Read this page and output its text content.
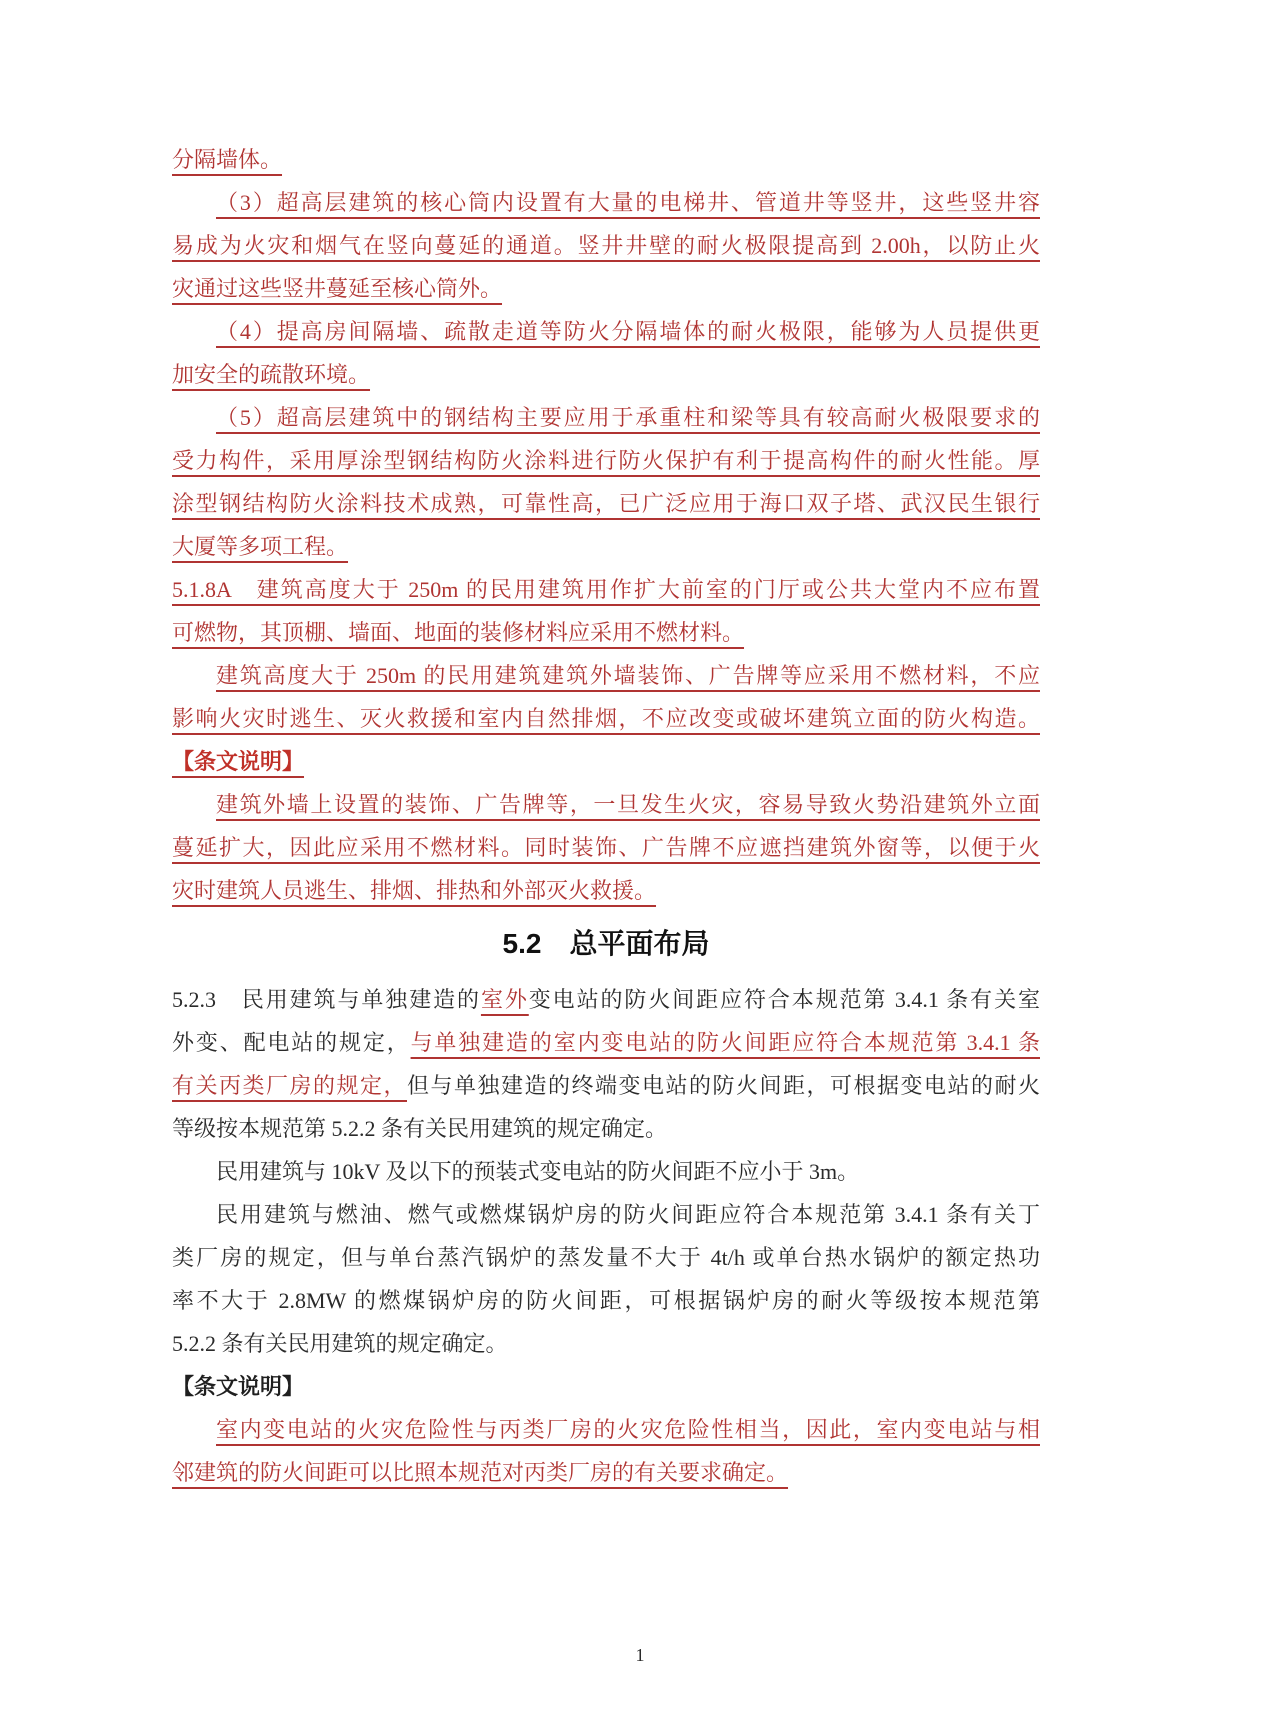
分隔墙体。
（3）超高层建筑的核心筒内设置有大量的电梯井、管道井等竖井，这些竖井容
易成为火灾和烟气在竖向蔓延的通道。竖井井壁的耐火极限提高到 2.00h，以防止火
灾通过这些竖井蔓延至核心筒外。
（4）提高房间隔墙、疏散走道等防火分隔墙体的耐火极限，能够为人员提供更
加安全的疏散环境。
（5）超高层建筑中的钢结构主要应用于承重柱和梁等具有较高耐火极限要求的
受力构件，采用厚涂型钢结构防火涂料进行防火保护有利于提高构件的耐火性能。厚
涂型钢结构防火涂料技术成熟，可靠性高，已广泛应用于海口双子塔、武汉民生银行
大厦等多项工程。
5.1.8A　建筑高度大于 250m 的民用建筑用作扩大前室的门厅或公共大堂内不应布置
可燃物，其顶棚、墙面、地面的装修材料应采用不燃材料。
建筑高度大于 250m 的民用建筑建筑外墙装饰、广告牌等应采用不燃材料，不应
影响火灾时逃生、灭火救援和室内自然排烟，不应改变或破坏建筑立面的防火构造。
【条文说明】
建筑外墙上设置的装饰、广告牌等，一旦发生火灾，容易导致火势沿建筑外立面
蔓延扩大，因此应采用不燃材料。同时装饰、广告牌不应遮挡建筑外窗等，以便于火
灾时建筑人员逃生、排烟、排热和外部灭火救援。
5.2　总平面布局
5.2.3　民用建筑与单独建造的室外变电站的防火间距应符合本规范第 3.4.1 条有关室
外变、配电站的规定，与单独建造的室内变电站的防火间距应符合本规范第 3.4.1 条
有关丙类厂房的规定，但与单独建造的终端变电站的防火间距，可根据变电站的耐火
等级按本规范第 5.2.2 条有关民用建筑的规定确定。
民用建筑与 10kV 及以下的预装式变电站的防火间距不应小于 3m。
民用建筑与燃油、燃气或燃煤锅炉房的防火间距应符合本规范第 3.4.1 条有关丁
类厂房的规定，但与单台蒸汽锅炉的蒸发量不大于 4t/h 或单台热水锅炉的额定热功
率不大于 2.8MW 的燃煤锅炉房的防火间距，可根据锅炉房的耐火等级按本规范第
5.2.2 条有关民用建筑的规定确定。
【条文说明】
室内变电站的火灾危险性与丙类厂房的火灾危险性相当，因此，室内变电站与相
邻建筑的防火间距可以比照本规范对丙类厂房的有关要求确定。
1
